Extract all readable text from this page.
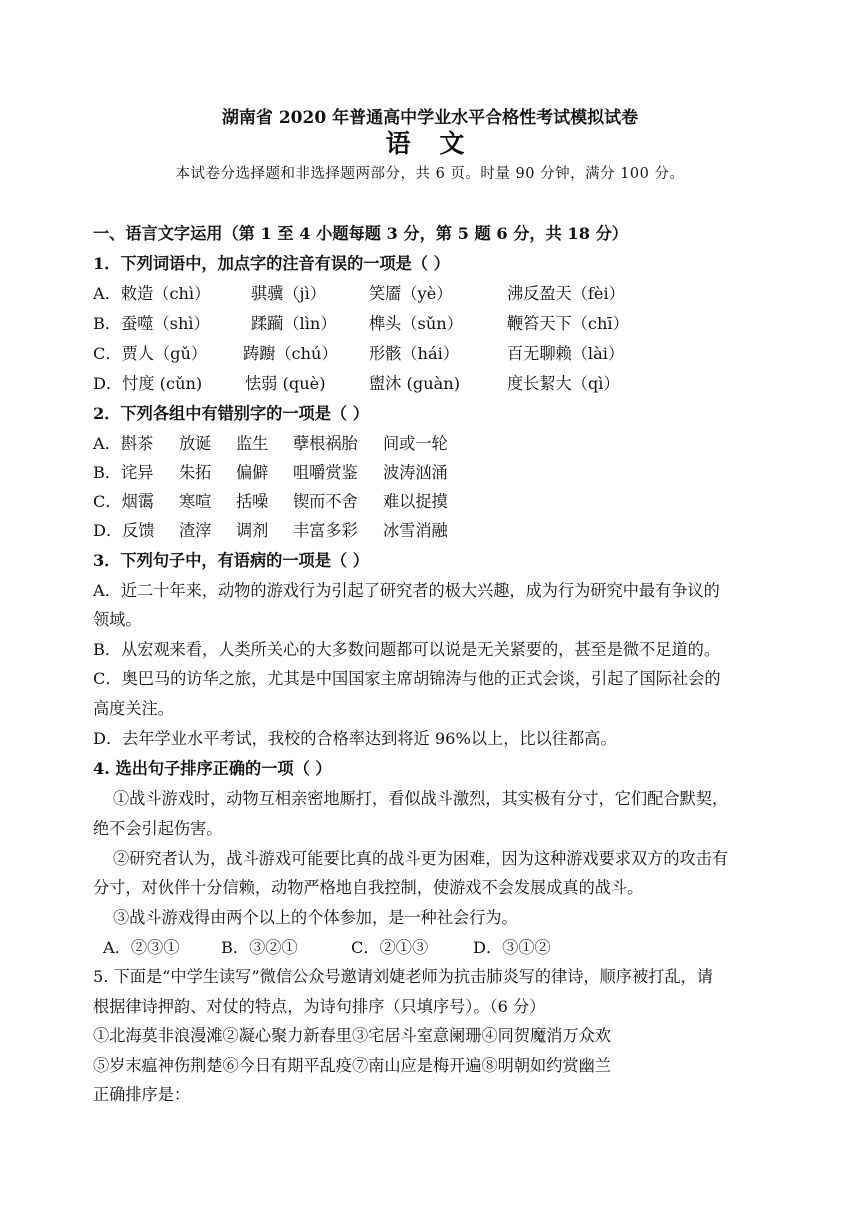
湖南省 2020 年普通高中学业水平合格性考试模拟试卷
语 文
本试卷分选择题和非选择题两部分，共 6 页。时量 90 分钟，满分 100 分。
一、语言文字运用（第 1 至 4 小题每题 3 分，第 5 题 6 分，共 18 分）
1．下列词语中，加点字的注音有误的一项是（ ）
A．敕造（chì）	骐骥（jì）	笑靥（yè）	沸反盈天（fèi）
B．蚕噬（shì）	蹂躏（lìn） 榫头（sǔn）	鞭笞天下（chī）
C．贾人（gǔ） 踌躕（chú） 形骸（hái）	百无聊赖（lài）
D．忖度 (cǔn)	怯弱 (què)	盥沐 (guàn)	度长絜大（qì）
2．下列各组中有错别字的一项是（ ）
A．斟茶 放诞 监生 孽根祸胎 间或一轮
B．诧异 朱拓 偏僻 咀嚼赏鉴 波涛汹涌
C．烟霭 寒喧 括噪 锲而不舍 难以捉摸
D．反馈 渣滓 调剂 丰富多彩 冰雪消融
3．下列句子中，有语病的一项是（ ）
A．近二十年来，动物的游戏行为引起了研究者的极大兴趣，成为行为研究中最有争议的
领域。
B．从宏观来看，人类所关心的大多数问题都可以说是无关紧要的，甚至是微不足道的。
C．奥巴马的访华之旅，尤其是中国国家主席胡锦涛与他的正式会谈，引起了国际社会的
高度关注。
D．去年学业水平考试，我校的合格率达到将近 96%以上，比以往都高。
4. 选出句子排序正确的一项（ ）
①战斗游戏时，动物互相亲密地厮打，看似战斗激烈，其实极有分寸，它们配合默契，
绝不会引起伤害。
②研究者认为，战斗游戏可能要比真的战斗更为困难，因为这种游戏要求双方的攻击有
分寸，对伙伴十分信赖，动物严格地自我控制，使游戏不会发展成真的战斗。
③战斗游戏得由两个以上的个体参加，是一种社会行为。
A．②③①	B．③②①	C．②①③	D．③①②
5. 下面是“中学生读写”微信公众号邀请刘婕老师为抗击肺炎写的律诗，顺序被打乱，请
根据律诗押韵、对仗的特点，为诗句排序（只填序号）。（6 分）
①北海莫非浪漫滩②凝心聚力新春里③宅居斗室意阑珊④同贺魔消万众欢
⑤岁末瘟神伤荆楚⑥今日有期平乱疫⑦南山应是梅开遍⑧明朝如约赏幽兰
正确排序是：
